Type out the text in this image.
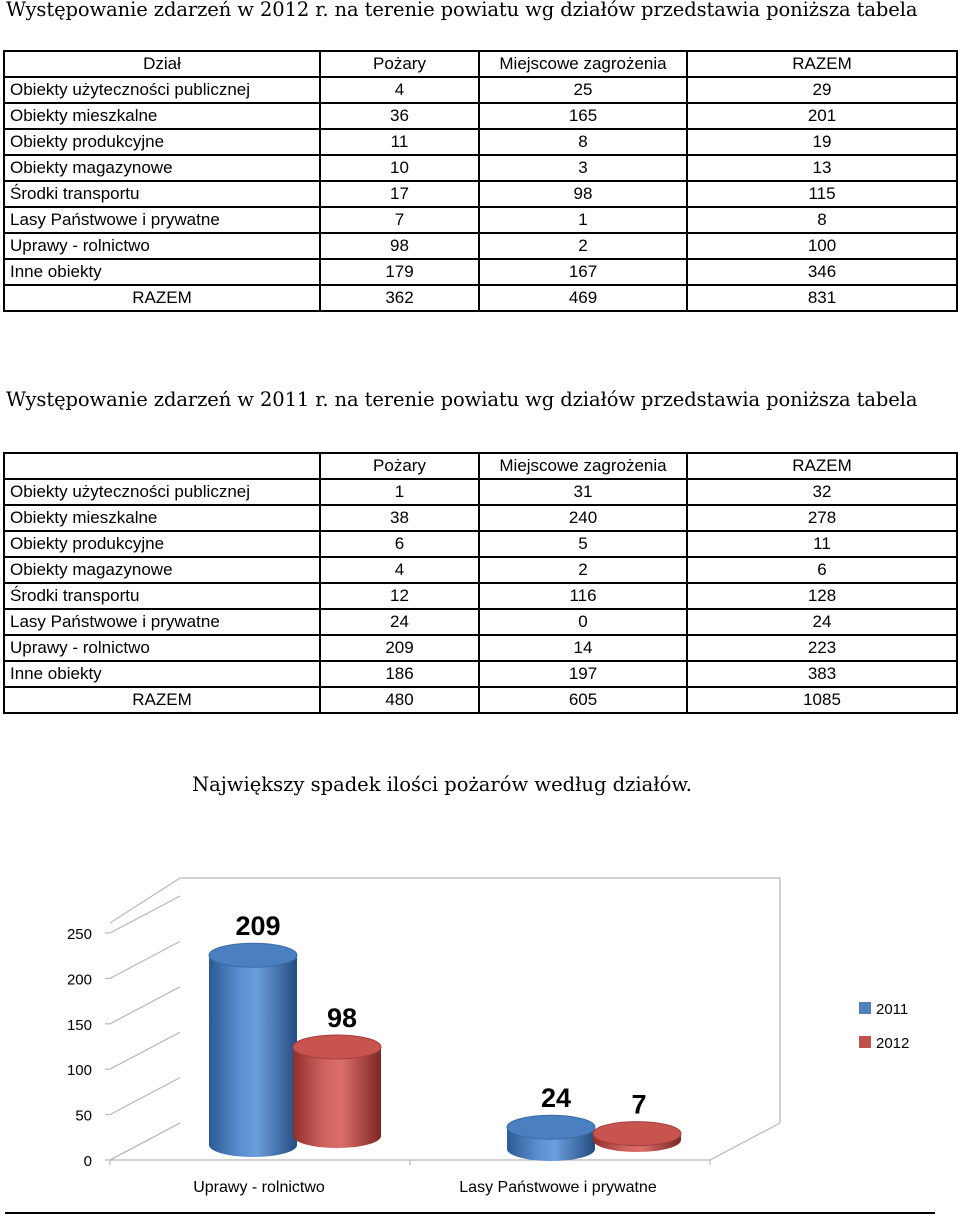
Występowanie zdarzeń w 2012 r. na terenie powiatu wg działów przedstawia poniższa tabela
Dział	Pożary	Miejscowe zagrożenia	RAZEM
Obiekty użyteczności publicznej	4	25	29
Obiekty mieszkalne	36	165	201
Obiekty produkcyjne	11	8	19
Obiekty magazynowe	10	3	13
Środki transportu	17	98	115
Lasy Państwowe i prywatne	7	1	8
Uprawy - rolnictwo	98	2	100
Inne obiekty	179	167	346
RAZEM	362	469	831
Występowanie zdarzeń w 2011 r. na terenie powiatu wg działów przedstawia poniższa tabela
	Pożary	Miejscowe zagrożenia	RAZEM
Obiekty użyteczności publicznej	1	31	32
Obiekty mieszkalne	38	240	278
Obiekty produkcyjne	6	5	11
Obiekty magazynowe	4	2	6
Środki transportu	12	116	128
Lasy Państwowe i prywatne	24	0	24
Uprawy - rolnictwo	209	14	223
Inne obiekty	186	197	383
RAZEM	480	605	1085
Największy spadek ilości pożarów według działów.
0
50
100
150
200
250	209
98
24 7
Uprawy - rolnictwo	Lasy Państwowe i prywatne
2011
2012
